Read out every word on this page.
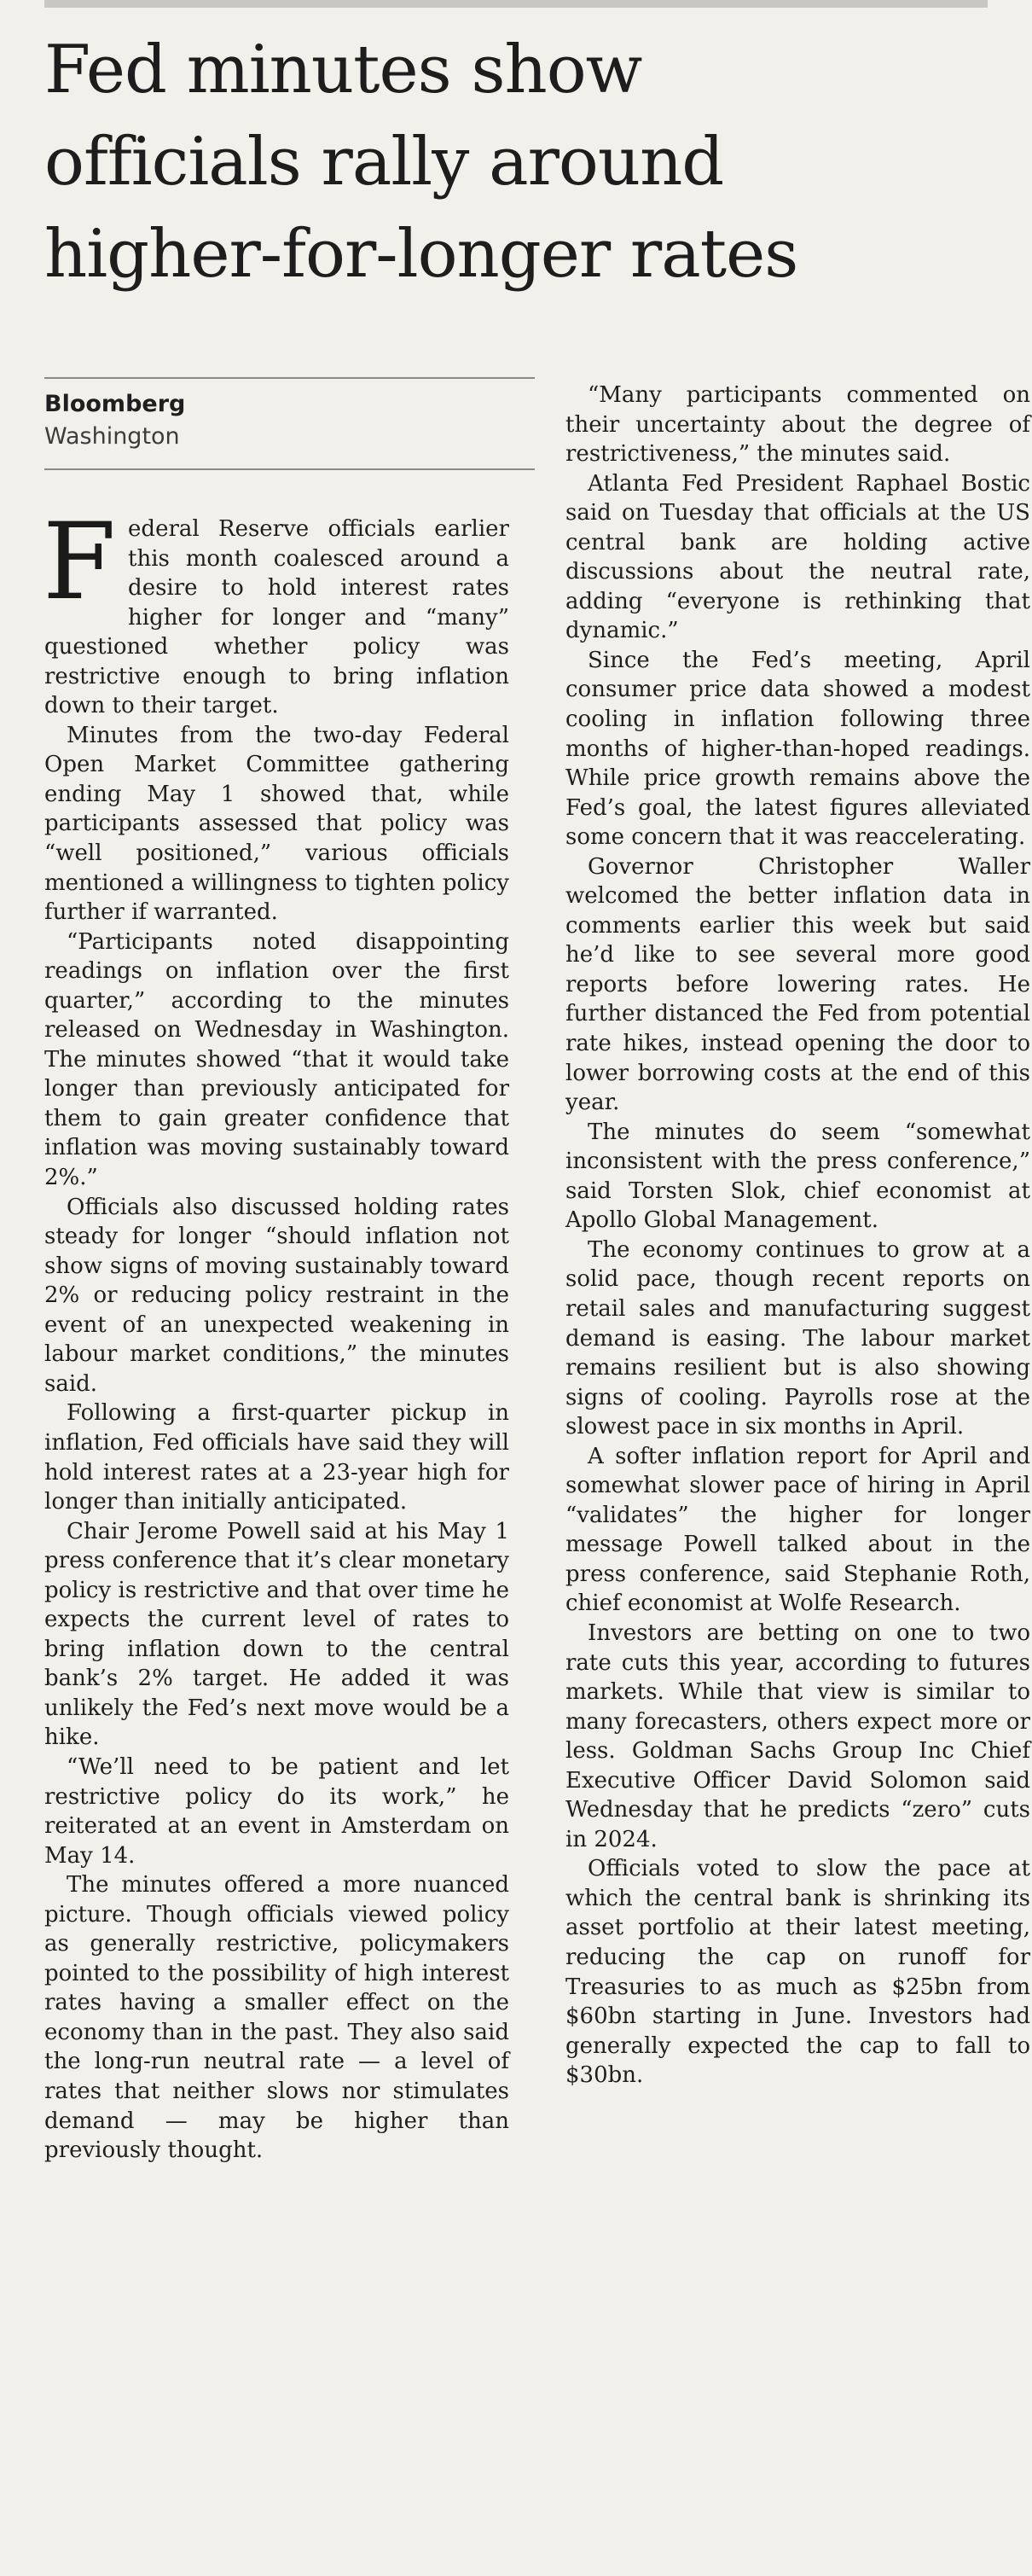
Fed minutes show
officials rally around
higher-for-longer rates
Bloomberg
Washington

Federal Reserve officials earlier this month coalesced around a desire to hold interest rates higher for longer and “many” questioned whether policy was restrictive enough to bring inflation down to their target.

Minutes from the two-day Federal Open Market Committee gathering ending May 1 showed that, while participants assessed that policy was “well positioned,” various officials mentioned a willingness to tighten policy further if warranted.

“Participants noted disappointing readings on inflation over the first quarter,” according to the minutes released on Wednesday in Washington. The minutes showed “that it would take longer than previously anticipated for them to gain greater confidence that inflation was moving sustainably toward 2%.”

Officials also discussed holding rates steady for longer “should inflation not show signs of moving sustainably toward 2% or reducing policy restraint in the event of an unexpected weakening in labour market conditions,” the minutes said.

Following a first-quarter pickup in inflation, Fed officials have said they will hold interest rates at a 23-year high for longer than initially anticipated.

Chair Jerome Powell said at his May 1 press conference that it’s clear monetary policy is restrictive and that over time he expects the current level of rates to bring inflation down to the central bank’s 2% target. He added it was unlikely the Fed’s next move would be a hike.

“We’ll need to be patient and let restrictive policy do its work,” he reiterated at an event in Amsterdam on May 14.

The minutes offered a more nuanced picture. Though officials viewed policy as generally restrictive, policymakers pointed to the possibility of high interest rates having a smaller effect on the economy than in the past. They also said the long-run neutral rate — a level of rates that neither slows nor stimulates demand — may be higher than previously thought.

“Many participants commented on their uncertainty about the degree of restrictiveness,” the minutes said.

Atlanta Fed President Raphael Bostic said on Tuesday that officials at the US central bank are holding active discussions about the neutral rate, adding “everyone is rethinking that dynamic.”

Since the Fed’s meeting, April consumer price data showed a modest cooling in inflation following three months of higher-than-hoped readings. While price growth remains above the Fed’s goal, the latest figures alleviated some concern that it was reaccelerating.

Governor Christopher Waller welcomed the better inflation data in comments earlier this week but said he’d like to see several more good reports before lowering rates. He further distanced the Fed from potential rate hikes, instead opening the door to lower borrowing costs at the end of this year.

The minutes do seem “somewhat inconsistent with the press conference,” said Torsten Slok, chief economist at Apollo Global Management.

The economy continues to grow at a solid pace, though recent reports on retail sales and manufacturing suggest demand is easing. The labour market remains resilient but is also showing signs of cooling. Payrolls rose at the slowest pace in six months in April.

A softer inflation report for April and somewhat slower pace of hiring in April “validates” the higher for longer message Powell talked about in the press conference, said Stephanie Roth, chief economist at Wolfe Research.

Investors are betting on one to two rate cuts this year, according to futures markets. While that view is similar to many forecasters, others expect more or less. Goldman Sachs Group Inc Chief Executive Officer David Solomon said Wednesday that he predicts “zero” cuts in 2024.

Officials voted to slow the pace at which the central bank is shrinking its asset portfolio at their latest meeting, reducing the cap on runoff for Treasuries to as much as $25bn from $60bn starting in June. Investors had generally expected the cap to fall to $30bn.
